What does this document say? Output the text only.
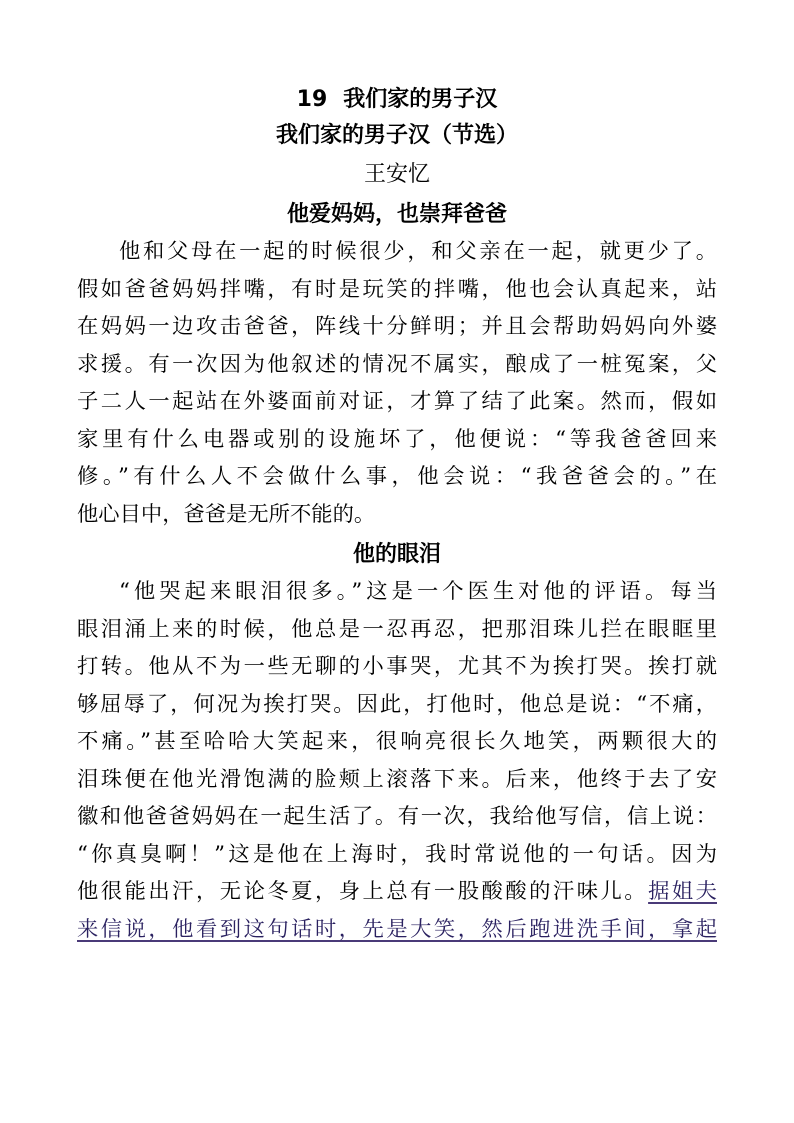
19 我们家的男子汉
我们家的男子汉（节选）
王安忆
他爱妈妈，也崇拜爸爸
他和父母在一起的时候很少，和父亲在一起，就更少了。
假如爸爸妈妈拌嘴，有时是玩笑的拌嘴，他也会认真起来，站
在妈妈一边攻击爸爸，阵线十分鲜明；并且会帮助妈妈向外婆
求援。有一次因为他叙述的情况不属实，酿成了一桩冤案，父
子二人一起站在外婆面前对证，才算了结了此案。然而，假如
家里有什么电器或别的设施坏了，他便说：“等我爸爸回来
修。”有什么人不会做什么事，他会说：“我爸爸会的。”在
他心目中，爸爸是无所不能的。
他的眼泪
“他哭起来眼泪很多。”这是一个医生对他的评语。每当
眼泪涌上来的时候，他总是一忍再忍，把那泪珠儿拦在眼眶里
打转。他从不为一些无聊的小事哭，尤其不为挨打哭。挨打就
够屈辱了，何况为挨打哭。因此，打他时，他总是说：“不痛，
不痛。”甚至哈哈大笑起来，很响亮很长久地笑，两颗很大的
泪珠便在他光滑饱满的脸颊上滚落下来。后来，他终于去了安
徽和他爸爸妈妈在一起生活了。有一次，我给他写信，信上说：
“你真臭啊！”这是他在上海时，我时常说他的一句话。因为
他很能出汗，无论冬夏，身上总有一股酸酸的汗味儿。据姐夫
来信说，他看到这句话时，先是大笑，然后跑进洗手间，拿起
